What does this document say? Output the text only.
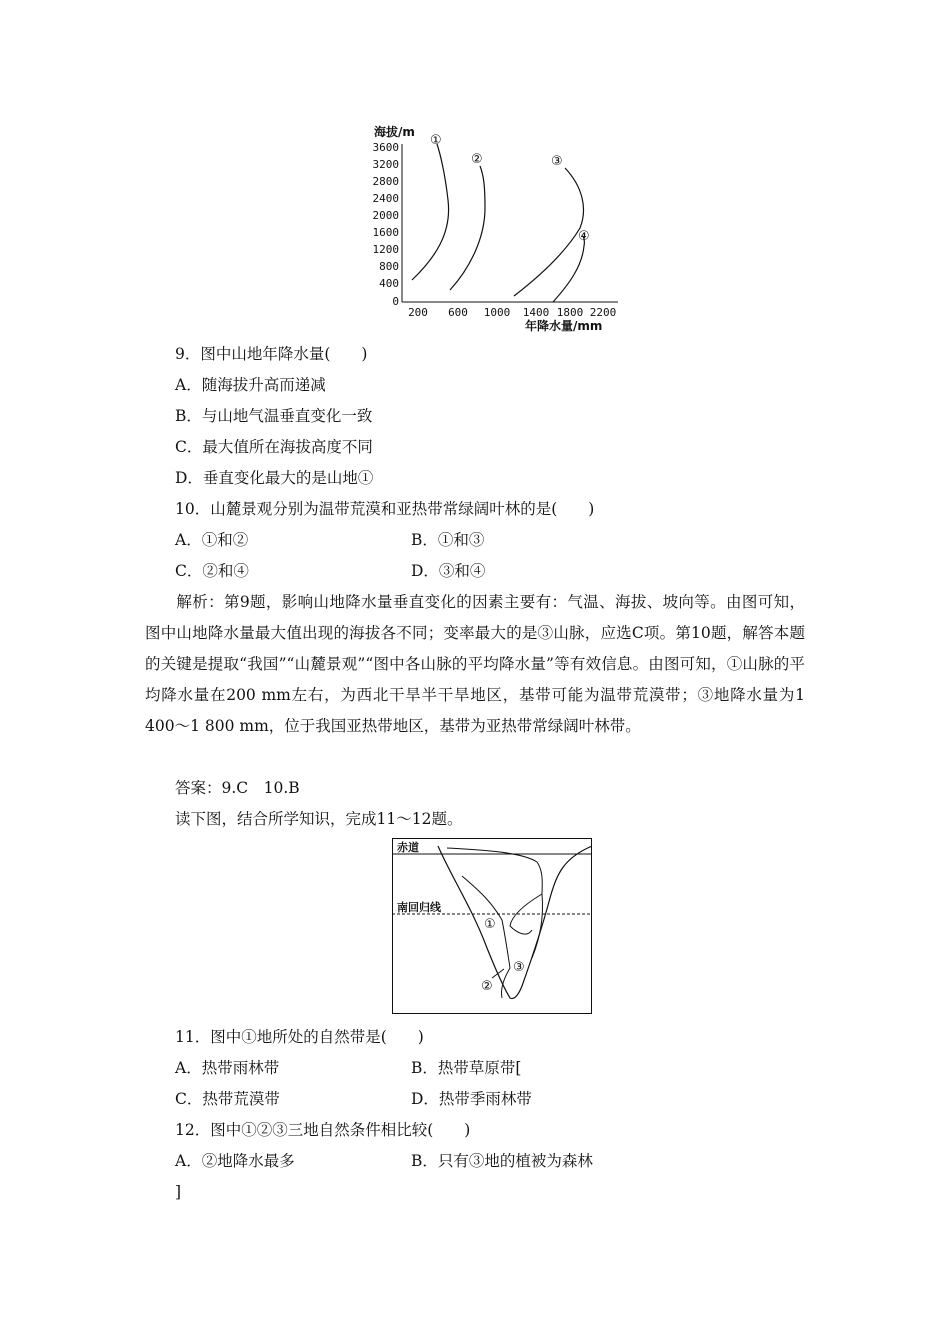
海拔/m
3600
3200
2800
2400
2000
1600
1200
800
400
0
200 600 1000 1400 1800 2200
年降水量/mm
①
②	③
④
9．图中山地年降水量(　　)
A．随海拔升高而递减
B．与山地气温垂直变化一致
C．最大值所在海拔高度不同
D．垂直变化最大的是山地①
10．山麓景观分别为温带荒漠和亚热带常绿阔叶林的是(　　)
A．①和②	B．①和③
C．②和④	D．③和④
解析：第9题，影响山地降水量垂直变化的因素主要有：气温、海拔、坡向等。由图可知，图中山地降水量最大值出现的海拔各不同；变率最大的是③山脉，应选C项。第10题，解答本题的关键是提取“我国”“山麓景观”“图中各山脉的平均降水量”等有效信息。由图可知，①山脉的平均降水量在200 mm左右，为西北干旱半干旱地区，基带可能为温带荒漠带；③地降水量为1 400～1 800 mm，位于我国亚热带地区，基带为亚热带常绿阔叶林带。
答案：9.C　10.B
读下图，结合所学知识，完成11～12题。
赤道
南回归线
①
②
③
11．图中①地所处的自然带是(　　)
A．热带雨林带	B．热带草原带[
C．热带荒漠带	D．热带季雨林带
12．图中①②③三地自然条件相比较(　　)
A．②地降水最多	B．只有③地的植被为森林
]
